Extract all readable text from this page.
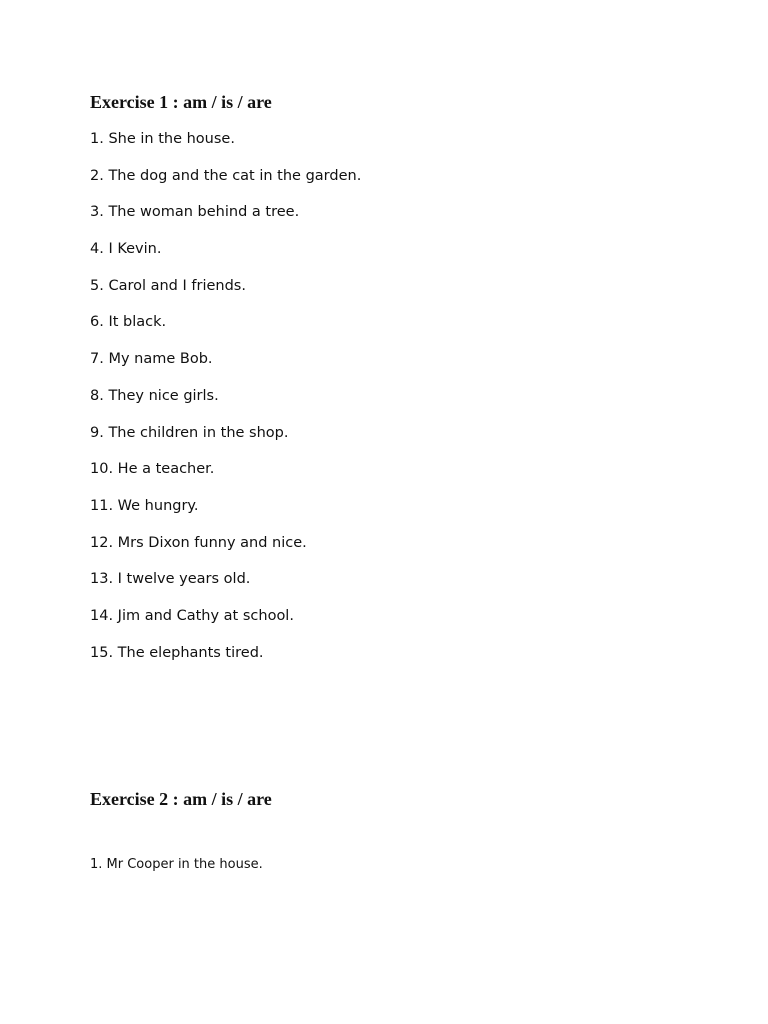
Exercise 1 : am / is / are
1. She in the house.
2. The dog and the cat in the garden.
3. The woman behind a tree.
4. I Kevin.
5. Carol and I friends.
6. It black.
7. My name Bob.
8. They nice girls.
9. The children in the shop.
10. He a teacher.
11. We hungry.
12. Mrs Dixon funny and nice.
13. I twelve years old.
14. Jim and Cathy at school.
15. The elephants tired.
Exercise 2 : am / is / are
1. Mr Cooper in the house.
